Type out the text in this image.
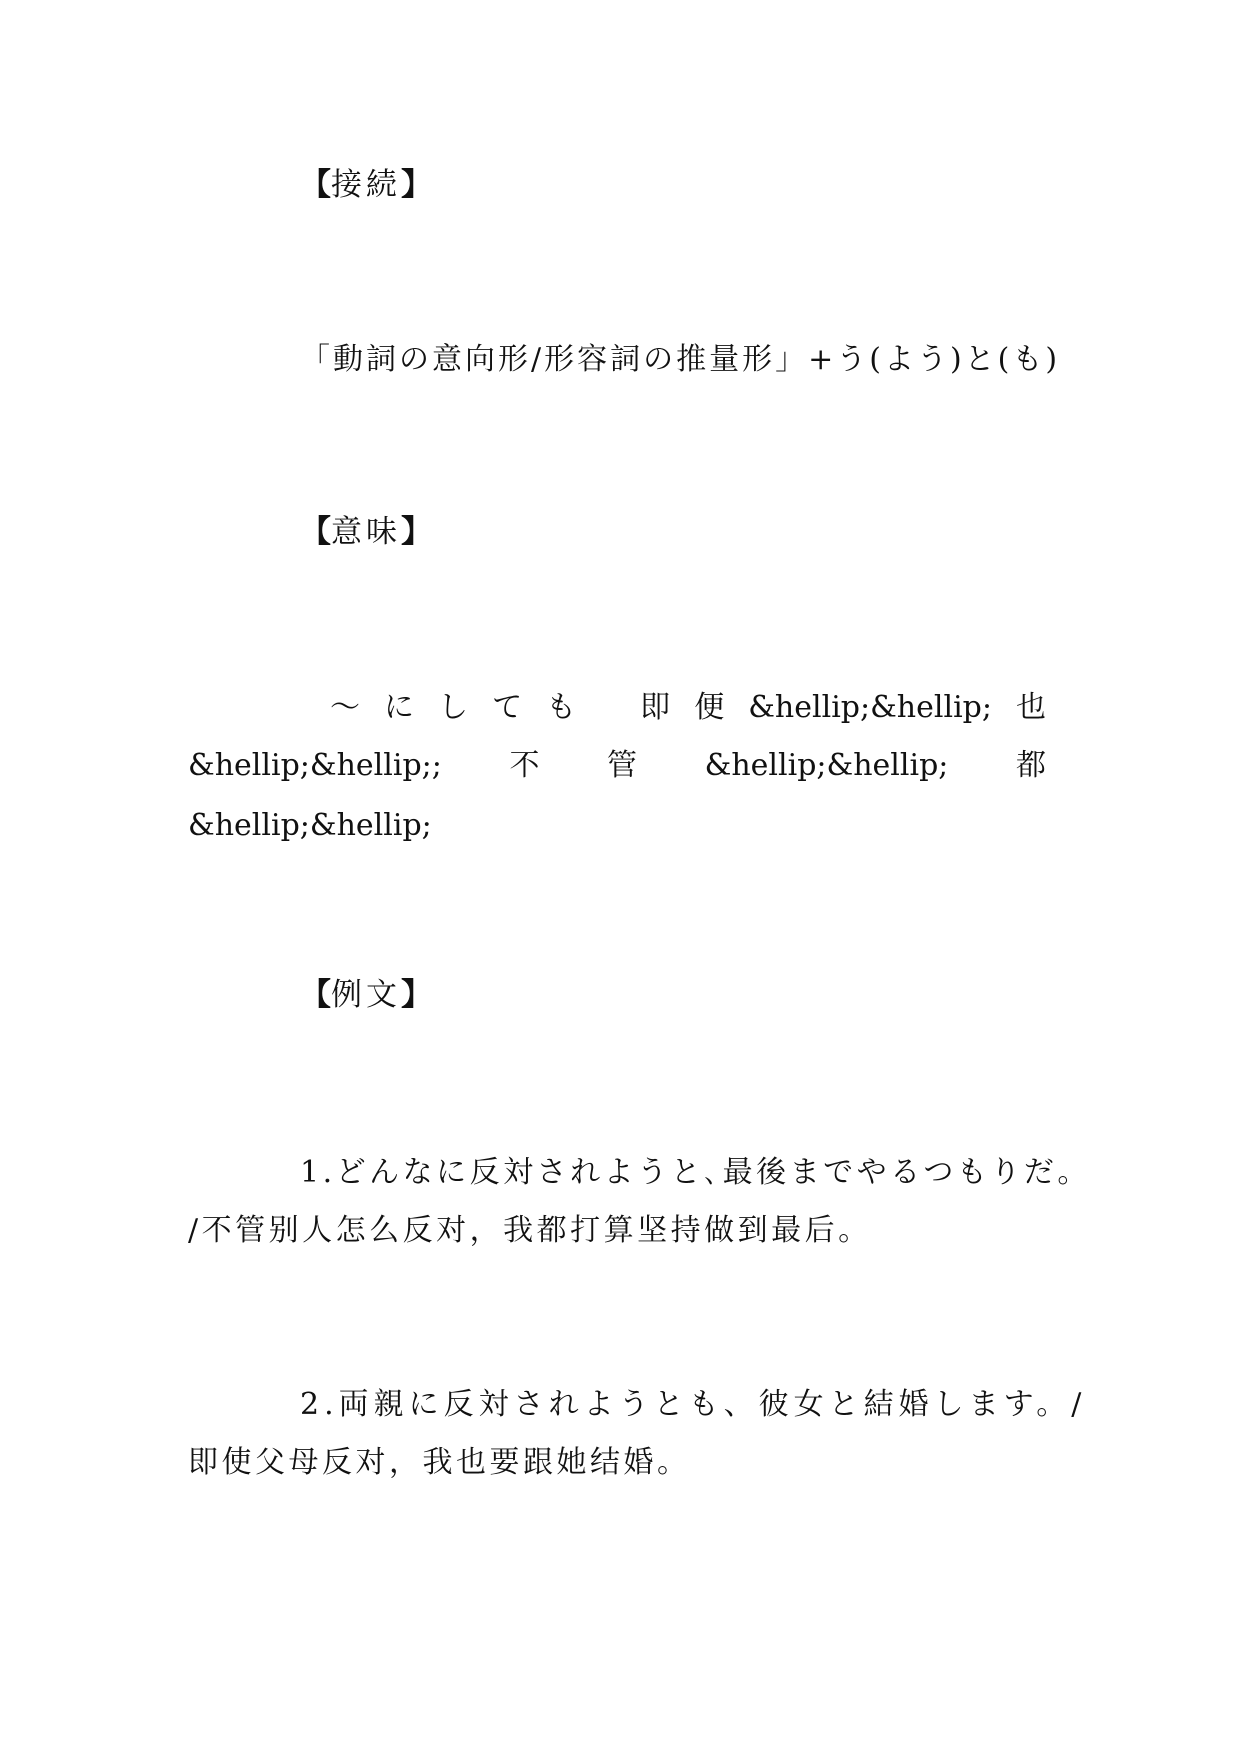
【接続】
「動詞の意向形/形容詞の推量形」+う(よう)と(も)
【意味】
～ に し て も 即 便 &hellip;&hellip; 也
&hellip;&hellip;; 不 管 &hellip;&hellip; 都
&hellip;&hellip;
【例文】
1.どんなに反対されようと､最後までやるつもりだ。
/不管别人怎么反对，我都打算坚持做到最后。
2.両親に反対されようとも、彼女と結婚します。/
即使父母反对，我也要跟她结婚。
